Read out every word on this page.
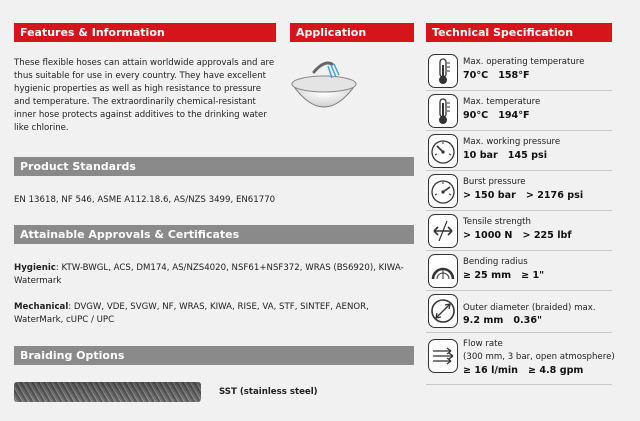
Features & Information
These flexible hoses can attain worldwide approvals and are thus suitable for use in every country. They have excellent hygienic properties as well as high resistance to pressure and temperature. The extraordinarily chemical-resistant inner hose protects against additives to the drinking water like chlorine.
Product Standards
EN 13618, NF 546, ASME A112.18.6, AS/NZS 3499, EN61770
Attainable Approvals & Certificates
Hygienic: KTW-BWGL, ACS, DM174, AS/NZS4020, NSF61+NSF372, WRAS (BS6920), KIWA-Watermark
Mechanical: DVGW, VDE, SVGW, NF, WRAS, KIWA, RISE, VA, STF, SINTEF, AENOR, WaterMark, cUPC / UPC
Braiding Options
SST (stainless steel)
Application	Technical Specification
Max. operating temperature
70°C 158°F
Max. temperature
90°C 194°F
Max. working pressure
10 bar 145 psi
Burst pressure
> 150 bar > 2176 psi
Tensile strength
> 1000 N > 225 lbf
Bending radius
≥ 25 mm ≥ 1"
Outer diameter (braided) max.
9.2 mm 0.36"
Flow rate
(300 mm, 3 bar, open atmosphere)
≥ 16 l/min ≥ 4.8 gpm
